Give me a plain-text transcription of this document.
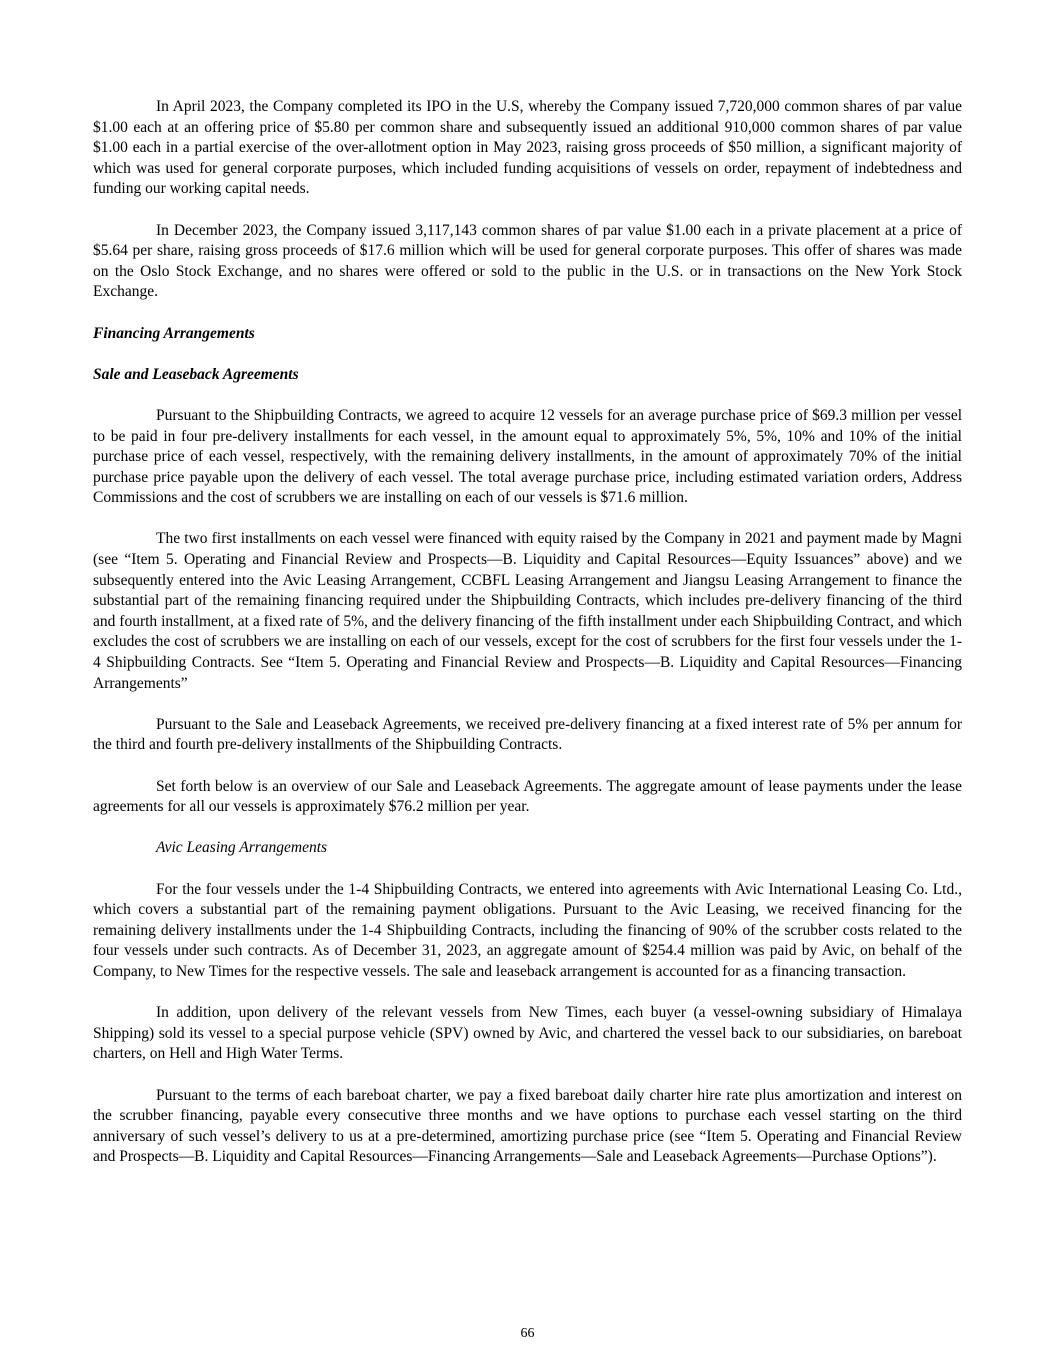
In April 2023, the Company completed its IPO in the U.S, whereby the Company issued 7,720,000 common shares of par value $1.00 each at an offering price of $5.80 per common share and subsequently issued an additional 910,000 common shares of par value $1.00 each in a partial exercise of the over-allotment option in May 2023, raising gross proceeds of $50 million, a significant majority of which was used for general corporate purposes, which included funding acquisitions of vessels on order, repayment of indebtedness and funding our working capital needs.

In December 2023, the Company issued 3,117,143 common shares of par value $1.00 each in a private placement at a price of $5.64 per share, raising gross proceeds of $17.6 million which will be used for general corporate purposes. This offer of shares was made on the Oslo Stock Exchange, and no shares were offered or sold to the public in the U.S. or in transactions on the New York Stock Exchange.

Financing Arrangements

Sale and Leaseback Agreements

Pursuant to the Shipbuilding Contracts, we agreed to acquire 12 vessels for an average purchase price of $69.3 million per vessel to be paid in four pre-delivery installments for each vessel, in the amount equal to approximately 5%, 5%, 10% and 10% of the initial purchase price of each vessel, respectively, with the remaining delivery installments, in the amount of approximately 70% of the initial purchase price payable upon the delivery of each vessel. The total average purchase price, including estimated variation orders, Address Commissions and the cost of scrubbers we are installing on each of our vessels is $71.6 million.

The two first installments on each vessel were financed with equity raised by the Company in 2021 and payment made by Magni (see “Item 5. Operating and Financial Review and Prospects—B. Liquidity and Capital Resources—Equity Issuances” above) and we subsequently entered into the Avic Leasing Arrangement, CCBFL Leasing Arrangement and Jiangsu Leasing Arrangement to finance the substantial part of the remaining financing required under the Shipbuilding Contracts, which includes pre-delivery financing of the third and fourth installment, at a fixed rate of 5%, and the delivery financing of the fifth installment under each Shipbuilding Contract, and which excludes the cost of scrubbers we are installing on each of our vessels, except for the cost of scrubbers for the first four vessels under the 1-4 Shipbuilding Contracts. See “Item 5. Operating and Financial Review and Prospects—B. Liquidity and Capital Resources—Financing Arrangements”

Pursuant to the Sale and Leaseback Agreements, we received pre-delivery financing at a fixed interest rate of 5% per annum for the third and fourth pre-delivery installments of the Shipbuilding Contracts.

Set forth below is an overview of our Sale and Leaseback Agreements. The aggregate amount of lease payments under the lease agreements for all our vessels is approximately $76.2 million per year.

Avic Leasing Arrangements

For the four vessels under the 1-4 Shipbuilding Contracts, we entered into agreements with Avic International Leasing Co. Ltd., which covers a substantial part of the remaining payment obligations. Pursuant to the Avic Leasing, we received financing for the remaining delivery installments under the 1-4 Shipbuilding Contracts, including the financing of 90% of the scrubber costs related to the four vessels under such contracts. As of December 31, 2023, an aggregate amount of $254.4 million was paid by Avic, on behalf of the Company, to New Times for the respective vessels. The sale and leaseback arrangement is accounted for as a financing transaction.

In addition, upon delivery of the relevant vessels from New Times, each buyer (a vessel-owning subsidiary of Himalaya Shipping) sold its vessel to a special purpose vehicle (SPV) owned by Avic, and chartered the vessel back to our subsidiaries, on bareboat charters, on Hell and High Water Terms.

Pursuant to the terms of each bareboat charter, we pay a fixed bareboat daily charter hire rate plus amortization and interest on the scrubber financing, payable every consecutive three months and we have options to purchase each vessel starting on the third anniversary of such vessel’s delivery to us at a pre-determined, amortizing purchase price (see “Item 5. Operating and Financial Review and Prospects—B. Liquidity and Capital Resources—Financing Arrangements—Sale and Leaseback Agreements—Purchase Options”).

66
